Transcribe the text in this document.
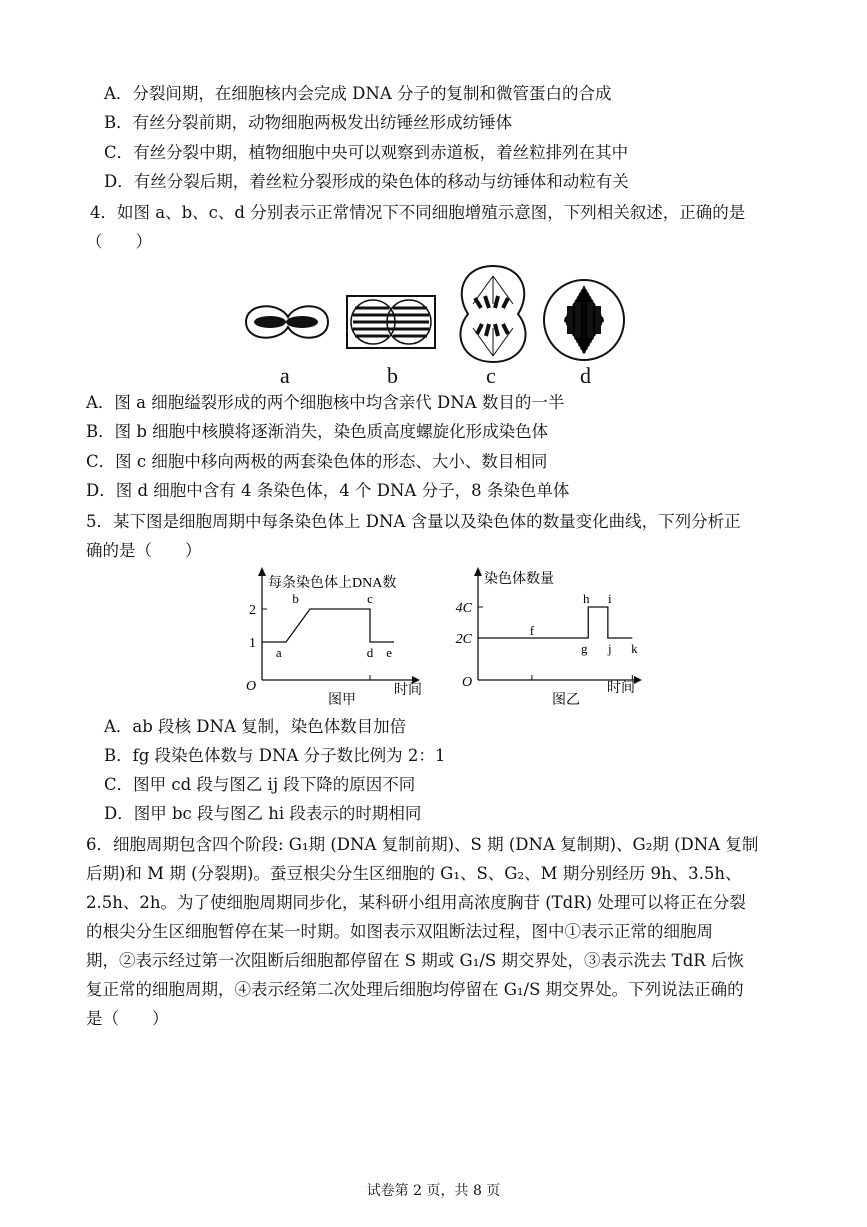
A．分裂间期，在细胞核内会完成 DNA 分子的复制和微管蛋白的合成
B．有丝分裂前期，动物细胞两极发出纺锤丝形成纺锤体
C．有丝分裂中期，植物细胞中央可以观察到赤道板，着丝粒排列在其中
D．有丝分裂后期，着丝粒分裂形成的染色体的移动与纺锤体和动粒有关
4．如图 a、b、c、d 分别表示正常情况下不同细胞增殖示意图，下列相关叙述，正确的是
（　　）
a	b	c	d
A．图 a 细胞缢裂形成的两个细胞核中均含亲代 DNA 数目的一半
B．图 b 细胞中核膜将逐渐消失，染色质高度螺旋化形成染色体
C．图 c 细胞中移向两极的两套染色体的形态、大小、数目相同
D．图 d 细胞中含有 4 条染色体，4 个 DNA 分子，8 条染色单体
5．某下图是细胞周期中每条染色体上 DNA 含量以及染色体的数量变化曲线，下列分析正
确的是（　　）
每条染色体上DNA数
O	时间
图甲
1
2
a
b	c
d e
染色体数量
O	时间
图乙
2C
4C
f
g
h i
j k
A．ab 段核 DNA 复制，染色体数目加倍
B．fg 段染色体数与 DNA 分子数比例为 2：1
C．图甲 cd 段与图乙 ij 段下降的原因不同
D．图甲 bc 段与图乙 hi 段表示的时期相同
6．细胞周期包含四个阶段: G₁期 (DNA 复制前期)、S 期 (DNA 复制期)、G₂期 (DNA 复制
后期)和 M 期 (分裂期)。蚕豆根尖分生区细胞的 G₁、S、G₂、M 期分别经历 9h、3.5h、
2.5h、2h。为了使细胞周期同步化，某科研小组用高浓度胸苷 (TdR) 处理可以将正在分裂
的根尖分生区细胞暂停在某一时期。如图表示双阻断法过程，图中①表示正常的细胞周
期，②表示经过第一次阻断后细胞都停留在 S 期或 G₁/S 期交界处，③表示洗去 TdR 后恢
复正常的细胞周期，④表示经第二次处理后细胞均停留在 G₁/S 期交界处。下列说法正确的
是（　　）
试卷第 2 页，共 8 页
